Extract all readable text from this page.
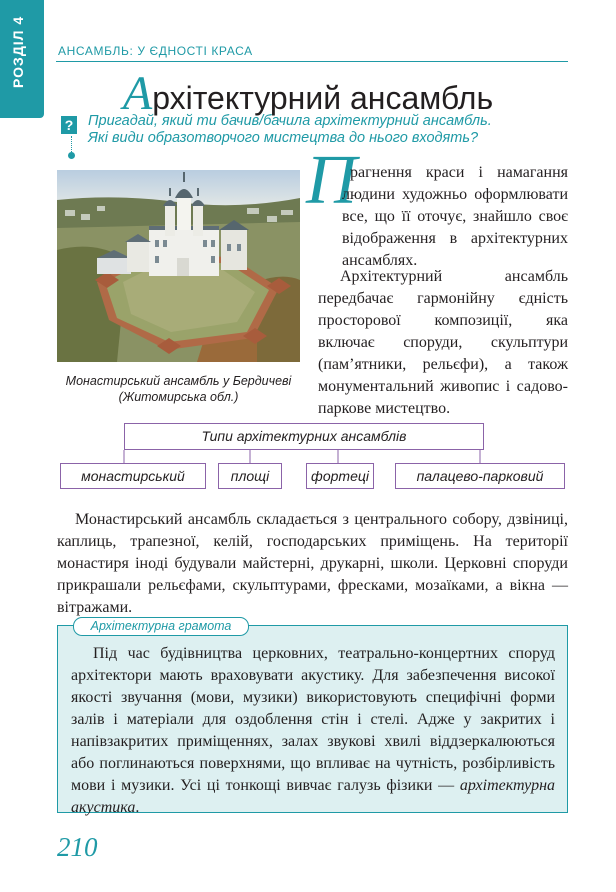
РОЗДІЛ 4	АНСАМБЛЬ: У ЄДНОСТІ КРАСА
Архітектурний ансамбль
? Пригадай, який ти бачив/бачила архітектурний ансамбль.
Які види образотворчого мистецтва до нього входять?
Монастирський ансамбль у Бердичеві
(Житомирська обл.)
П

рагнення краси і намагання людини художньо оформлювати все, що її оточує, знайшло своє відображення в архітектурних ансамблях.

Архітектурний ансамбль передбачає гармонійну єдність просторової композиції, яка включає споруди, скульптури (пам’ятники, рельєфи), а також монументальний живопис і садово-паркове мистецтво.

Типи архітектурних ансамблів
монастирський	площі	фортеці	палацево-парковий

Монастирський ансамбль складається з центрального собору, дзвіниці, каплиць, трапезної, келій, господарських приміщень. На території монастиря іноді будували майстерні, друкарні, школи. Церковні споруди прикрашали рельєфами, скульптурами, фресками, мозаїками, а вікна — вітражами.

Архітектурна грамота

Під час будівництва церковних, театрально-концертних споруд архітектори мають враховувати акустику. Для забезпечення високої якості звучання (мови, музики) використовують специфічні форми залів і матеріали для оздоблення стін і стелі. Адже у закритих і напівзакритих приміщеннях, залах звукові хвилі віддзеркалюються або поглинаються поверхнями, що впливає на чутність, розбірливість мови і музики. Усі ці тонкощі вивчає галузь фізики — архітектурна акустика.

210
